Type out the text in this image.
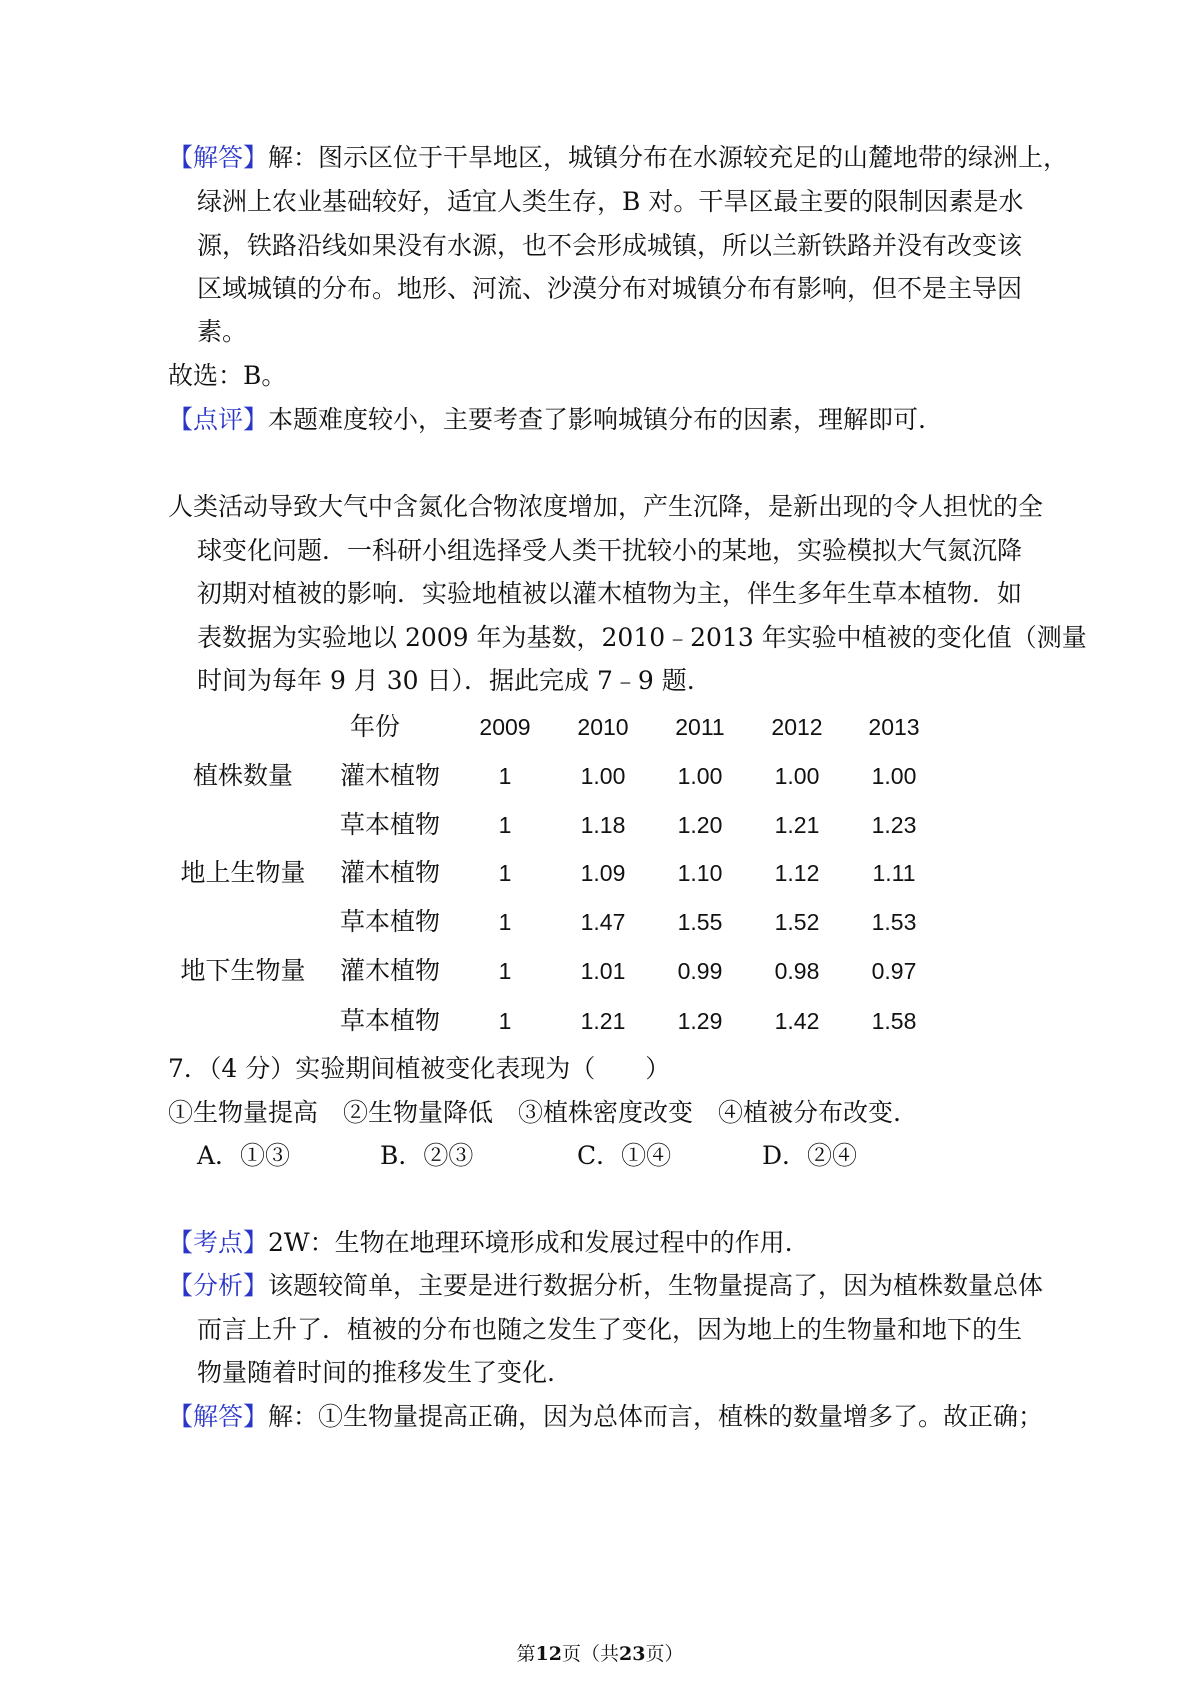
【解答】解：图示区位于干旱地区，城镇分布在水源较充足的山麓地带的绿洲上，
绿洲上农业基础较好，适宜人类生存，B 对。干旱区最主要的限制因素是水
源，铁路沿线如果没有水源，也不会形成城镇，所以兰新铁路并没有改变该
区域城镇的分布。地形、河流、沙漠分布对城镇分布有影响，但不是主导因
素。
故选：B。
【点评】本题难度较小，主要考查了影响城镇分布的因素，理解即可.
人类活动导致大气中含氮化合物浓度增加，产生沉降，是新出现的令人担忧的全
球变化问题．一科研小组选择受人类干扰较小的某地，实验模拟大气氮沉降
初期对植被的影响．实验地植被以灌木植物为主，伴生多年生草本植物．如
表数据为实验地以 2009 年为基数，2010﹣2013 年实验中植被的变化值（测量
时间为每年 9 月 30 日）．据此完成 7﹣9 题.
年份	2009	2010	2011	2012	2013
植株数量	灌木植物	1	1.00	1.00	1.00	1.00
草本植物	1	1.18	1.20	1.21	1.23
地上生物量	灌木植物	1	1.09	1.10	1.12	1.11
草本植物	1	1.47	1.55	1.52	1.53
地下生物量	灌木植物	1	1.01	0.99	0.98	0.97
草本植物	1	1.21	1.29	1.42	1.58
7．（4 分）实验期间植被变化表现为（　　）
①生物量提高　②生物量降低　③植株密度改变　④植被分布改变.
A．①③	B．②③	C．①④	D．②④
【考点】2W：生物在地理环境形成和发展过程中的作用.
【分析】该题较简单，主要是进行数据分析，生物量提高了，因为植株数量总体
而言上升了．植被的分布也随之发生了变化，因为地上的生物量和地下的生
物量随着时间的推移发生了变化.
【解答】解：①生物量提高正确，因为总体而言，植株的数量增多了。故正确；
第12页（共23页）
